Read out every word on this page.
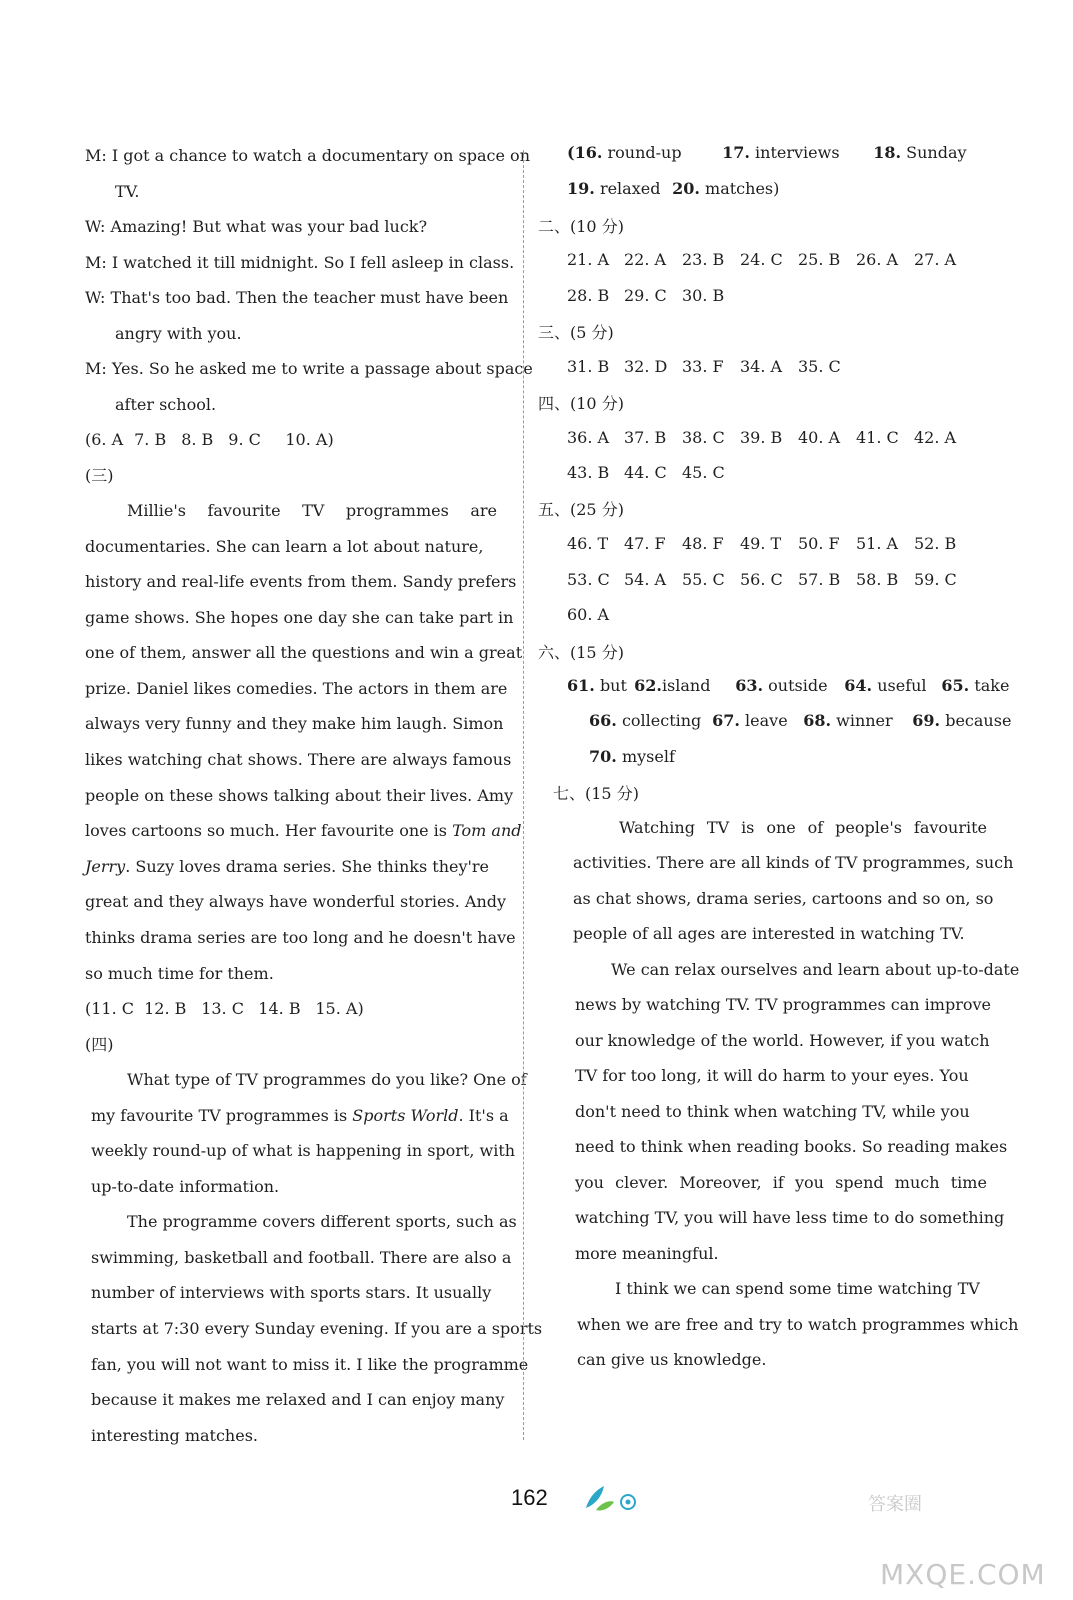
M: I got a chance to watch a documentary on space on
TV.
W: Amazing! But what was your bad luck?
M: I watched it till midnight. So I fell asleep in class.
W: That's too bad. Then the teacher must have been
angry with you.
M: Yes. So he asked me to write a passage about space
after school.
(6. A 7. B 8. B 9. C 10. A)
(三)
Millie's favourite TV programmes are
documentaries. She can learn a lot about nature,
history and real-life events from them. Sandy prefers
game shows. She hopes one day she can take part in
one of them, answer all the questions and win a great
prize. Daniel likes comedies. The actors in them are
always very funny and they make him laugh. Simon
likes watching chat shows. There are always famous
people on these shows talking about their lives. Amy
loves cartoons so much. Her favourite one is Tom and
Jerry. Suzy loves drama series. She thinks they're
great and they always have wonderful stories. Andy
thinks drama series are too long and he doesn't have
so much time for them.
(11. C 12. B 13. C 14. B 15. A)
(四)
What type of TV programmes do you like? One of
my favourite TV programmes is Sports World. It's a
weekly round-up of what is happening in sport, with
up-to-date information.
The programme covers different sports, such as
swimming, basketball and football. There are also a
number of interviews with sports stars. It usually
starts at 7:30 every Sunday evening. If you are a sports
fan, you will not want to miss it. I like the programme
because it makes me relaxed and I can enjoy many
interesting matches.
(16. round-up	17. interviews 18. Sunday
19. relaxed 20. matches)
二、(10 分)
21. A 22. A 23. B 24. C 25. B 26. A 27. A
28. B 29. C 30. B
三、(5 分)
31. B 32. D 33. F 34. A 35. C
四、(10 分)
36. A 37. B 38. C 39. B 40. A 41. C 42. A
43. B 44. C 45. C
五、(25 分)
46. T 47. F 48. F 49. T 50. F 51. A 52. B
53. C 54. A 55. C 56. C 57. B 58. B 59. C
60. A
六、(15 分)
61. but 62.island 63. outside 64. useful 65. take
66. collecting 67. leave 68. winner 69. because
70. myself
七、(15 分)
Watching TV is one of people's favourite
activities. There are all kinds of TV programmes, such
as chat shows, drama series, cartoons and so on, so
people of all ages are interested in watching TV.
We can relax ourselves and learn about up-to-date
news by watching TV. TV programmes can improve
our knowledge of the world. However, if you watch
TV for too long, it will do harm to your eyes. You
don't need to think when watching TV, while you
need to think when reading books. So reading makes
you clever. Moreover, if you spend much time
watching TV, you will have less time to do something
more meaningful.
I think we can spend some time watching TV
when we are free and try to watch programmes which
can give us knowledge.
162	答案圈
MXQE.COM
